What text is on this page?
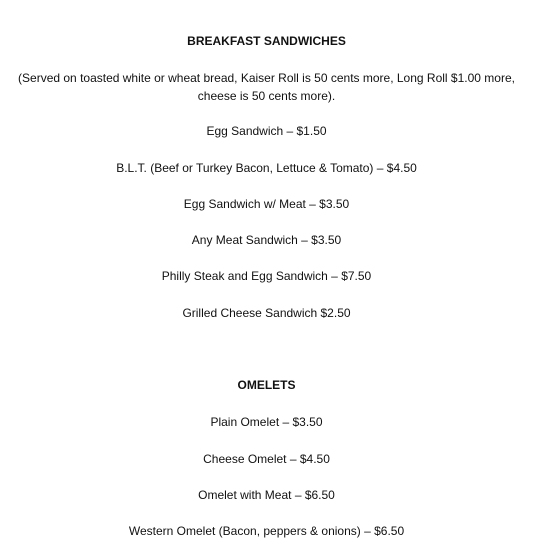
BREAKFAST SANDWICHES
(Served on toasted white or wheat bread, Kaiser Roll is 50 cents more, Long Roll $1.00 more,
cheese is 50 cents more).
Egg Sandwich – $1.50
B.L.T. (Beef or Turkey Bacon, Lettuce & Tomato) – $4.50
Egg Sandwich w/ Meat – $3.50
Any Meat Sandwich – $3.50
Philly Steak and Egg Sandwich – $7.50
Grilled Cheese Sandwich $2.50
OMELETS
Plain Omelet – $3.50
Cheese Omelet – $4.50
Omelet with Meat – $6.50
Western Omelet (Bacon, peppers & onions) – $6.50
